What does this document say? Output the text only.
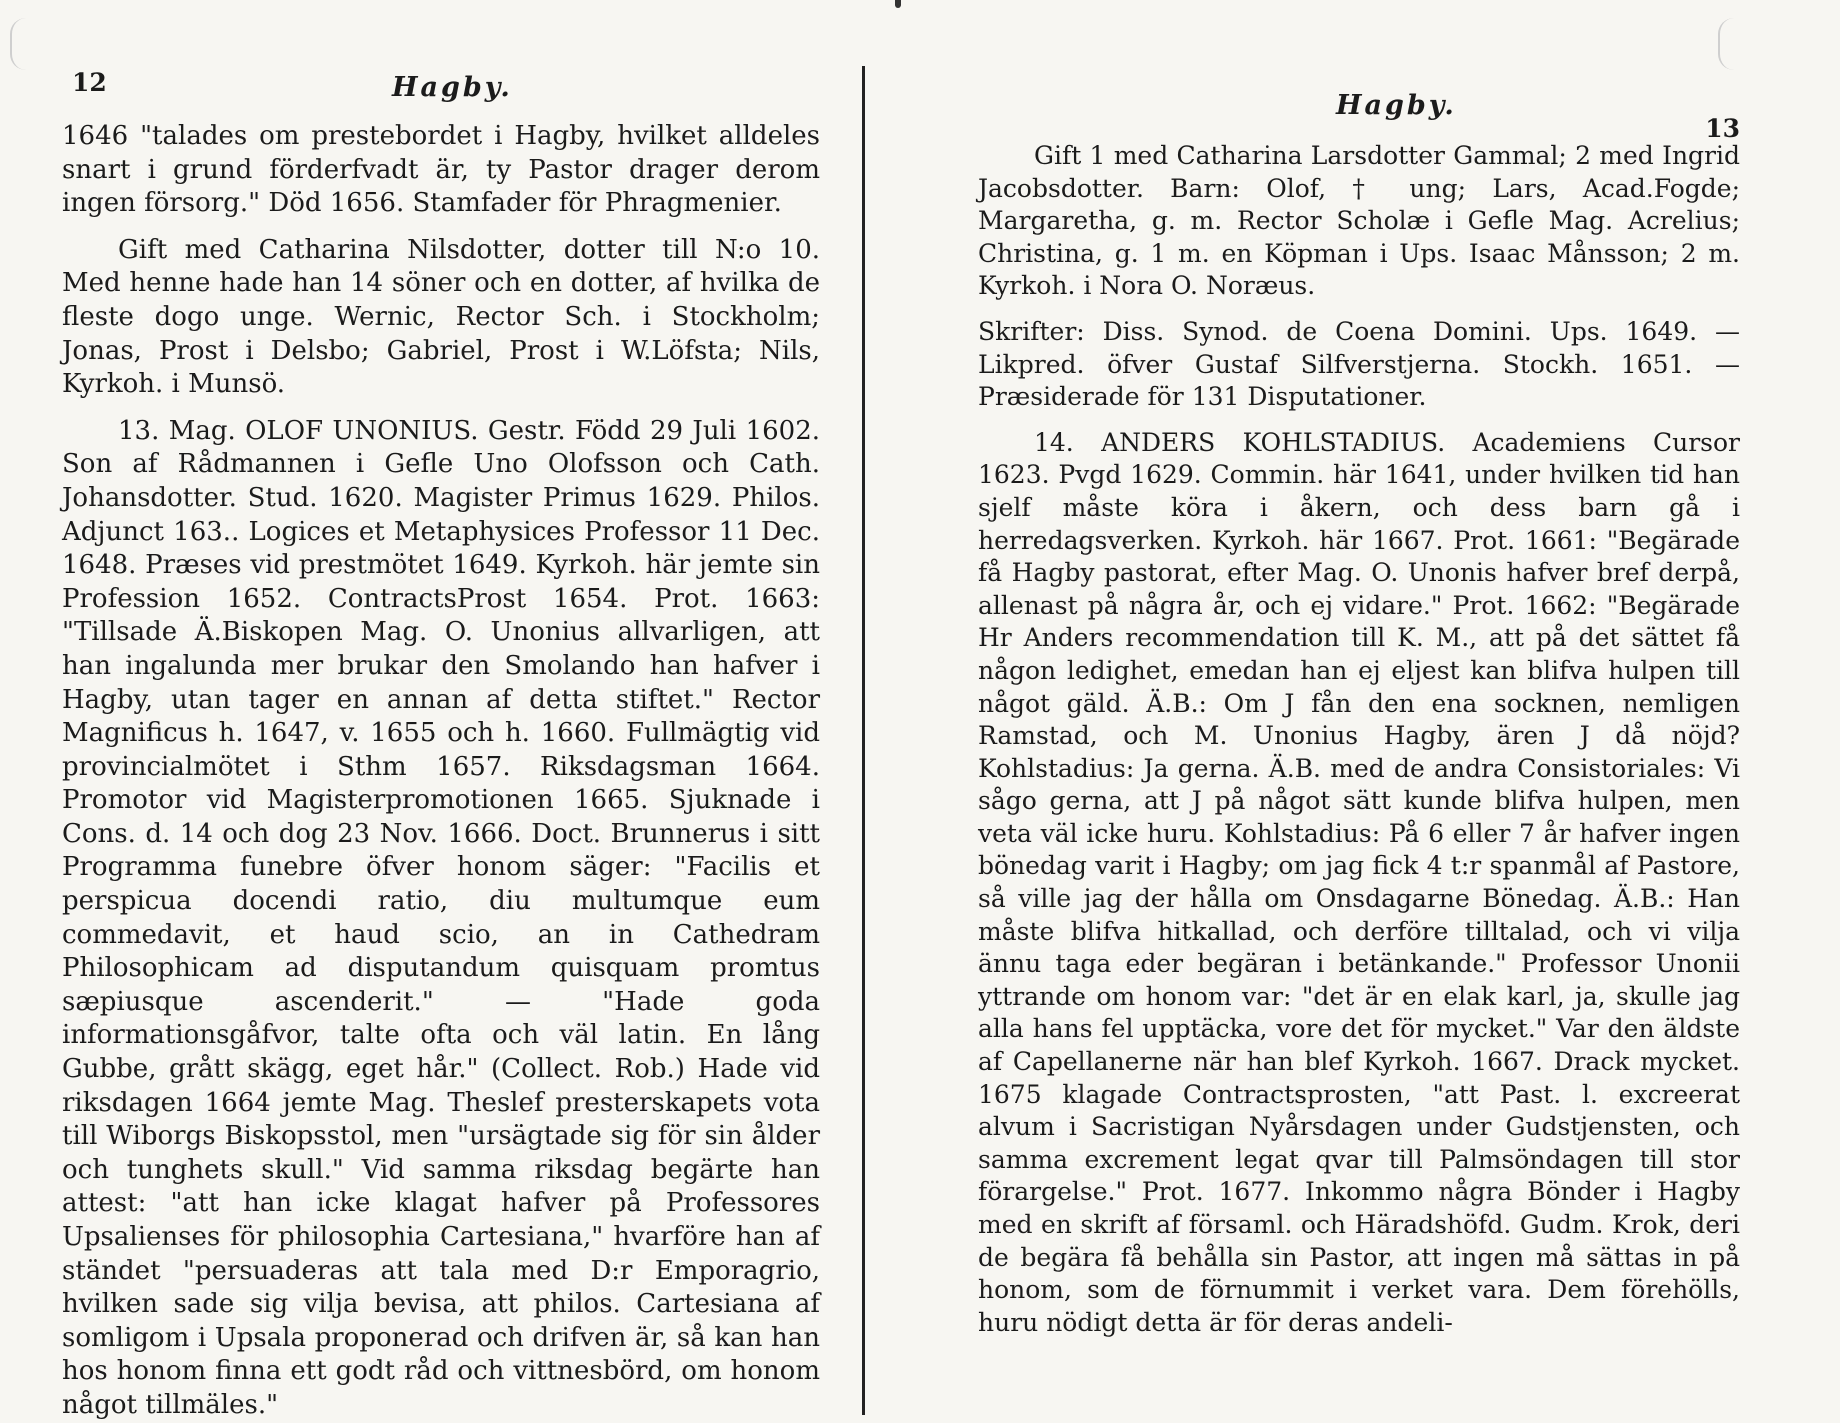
12	Hagby.

1646 "talades om prestebordet i Hagby, hvilket alldeles snart i grund förderfvadt är, ty Pastor drager derom ingen försorg." Död 1656. Stamfader för Phragmenier.

Gift med Catharina Nilsdotter, dotter till N:o 10. Med henne hade han 14 söner och en dotter, af hvilka de fleste dogo unge. Wernic, Rector Sch. i Stockholm; Jonas, Prost i Delsbo; Gabriel, Prost i W.Löfsta; Nils, Kyrkoh. i Munsö.

13. Mag. OLOF UNONIUS. Gestr. Född 29 Juli 1602. Son af Rådmannen i Gefle Uno Olofsson och Cath. Johansdotter. Stud. 1620. Magister Primus 1629. Philos. Adjunct 163.. Logices et Metaphysices Professor 11 Dec. 1648. Præses vid prestmötet 1649. Kyrkoh. här jemte sin Profession 1652. ContractsProst 1654. Prot. 1663: "Tillsade Ä.Biskopen Mag. O. Unonius allvarligen, att han ingalunda mer brukar den Smolando han hafver i Hagby, utan tager en annan af detta stiftet." Rector Magnificus h. 1647, v. 1655 och h. 1660. Fullmägtig vid provincialmötet i Sthm 1657. Riksdagsman 1664. Promotor vid Magisterpromotionen 1665. Sjuknade i Cons. d. 14 och dog 23 Nov. 1666. Doct. Brunnerus i sitt Programma funebre öfver honom säger: "Facilis et perspicua docendi ratio, diu multumque eum commedavit, et haud scio, an in Cathedram Philosophicam ad disputandum quisquam promtus sæpiusque ascenderit." — "Hade goda informationsgåfvor, talte ofta och väl latin. En lång Gubbe, grått skägg, eget hår." (Collect. Rob.) Hade vid riksdagen 1664 jemte Mag. Theslef presterskapets vota till Wiborgs Biskopsstol, men "ursägtade sig för sin ålder och tunghets skull." Vid samma riksdag begärte han attest: "att han icke klagat hafver på Professores Upsalienses för philosophia Cartesiana," hvarföre han af ständet "persuaderas att tala med D:r Emporagrio, hvilken sade sig vilja bevisa, att philos. Cartesiana af somligom i Upsala proponerad och drifven är, så kan han hos honom finna ett godt råd och vittnesbörd, om honom något tillmäles."

Hagby.
13

Gift 1 med Catharina Larsdotter Gammal; 2 med Ingrid Jacobsdotter. Barn: Olof, † ung; Lars, Acad.Fogde; Margaretha, g. m. Rector Scholæ i Gefle Mag. Acrelius; Christina, g. 1 m. en Köpman i Ups. Isaac Månsson; 2 m. Kyrkoh. i Nora O. Noræus.

Skrifter: Diss. Synod. de Coena Domini. Ups. 1649. — Likpred. öfver Gustaf Silfverstjerna. Stockh. 1651. — Præsiderade för 131 Disputationer.

14. ANDERS KOHLSTADIUS. Academiens Cursor 1623. Pvgd 1629. Commin. här 1641, under hvilken tid han sjelf måste köra i åkern, och dess barn gå i herredagsverken. Kyrkoh. här 1667. Prot. 1661: "Begärade få Hagby pastorat, efter Mag. O. Unonis hafver bref derpå, allenast på några år, och ej vidare." Prot. 1662: "Begärade Hr Anders recommendation till K. M., att på det sättet få någon ledighet, emedan han ej eljest kan blifva hulpen till något gäld. Ä.B.: Om J fån den ena socknen, nemligen Ramstad, och M. Unonius Hagby, ären J då nöjd? Kohlstadius: Ja gerna. Ä.B. med de andra Consistoriales: Vi sågo gerna, att J på något sätt kunde blifva hulpen, men veta väl icke huru. Kohlstadius: På 6 eller 7 år hafver ingen bönedag varit i Hagby; om jag fick 4 t:r spanmål af Pastore, så ville jag der hålla om Onsdagarne Bönedag. Ä.B.: Han måste blifva hitkallad, och derföre tilltalad, och vi vilja ännu taga eder begäran i betänkande." Professor Unonii yttrande om honom var: "det är en elak karl, ja, skulle jag alla hans fel upptäcka, vore det för mycket." Var den äldste af Capellanerne när han blef Kyrkoh. 1667. Drack mycket. 1675 klagade Contractsprosten, "att Past. l. excreerat alvum i Sacristigan Nyårsdagen under Gudstjensten, och samma excrement legat qvar till Palmsöndagen till stor förargelse." Prot. 1677. Inkommo några Bönder i Hagby med en skrift af församl. och Häradshöfd. Gudm. Krok, deri de begära få behålla sin Pastor, att ingen må sättas in på honom, som de förnummit i verket vara. Dem förehölls, huru nödigt detta är för deras andeli-
